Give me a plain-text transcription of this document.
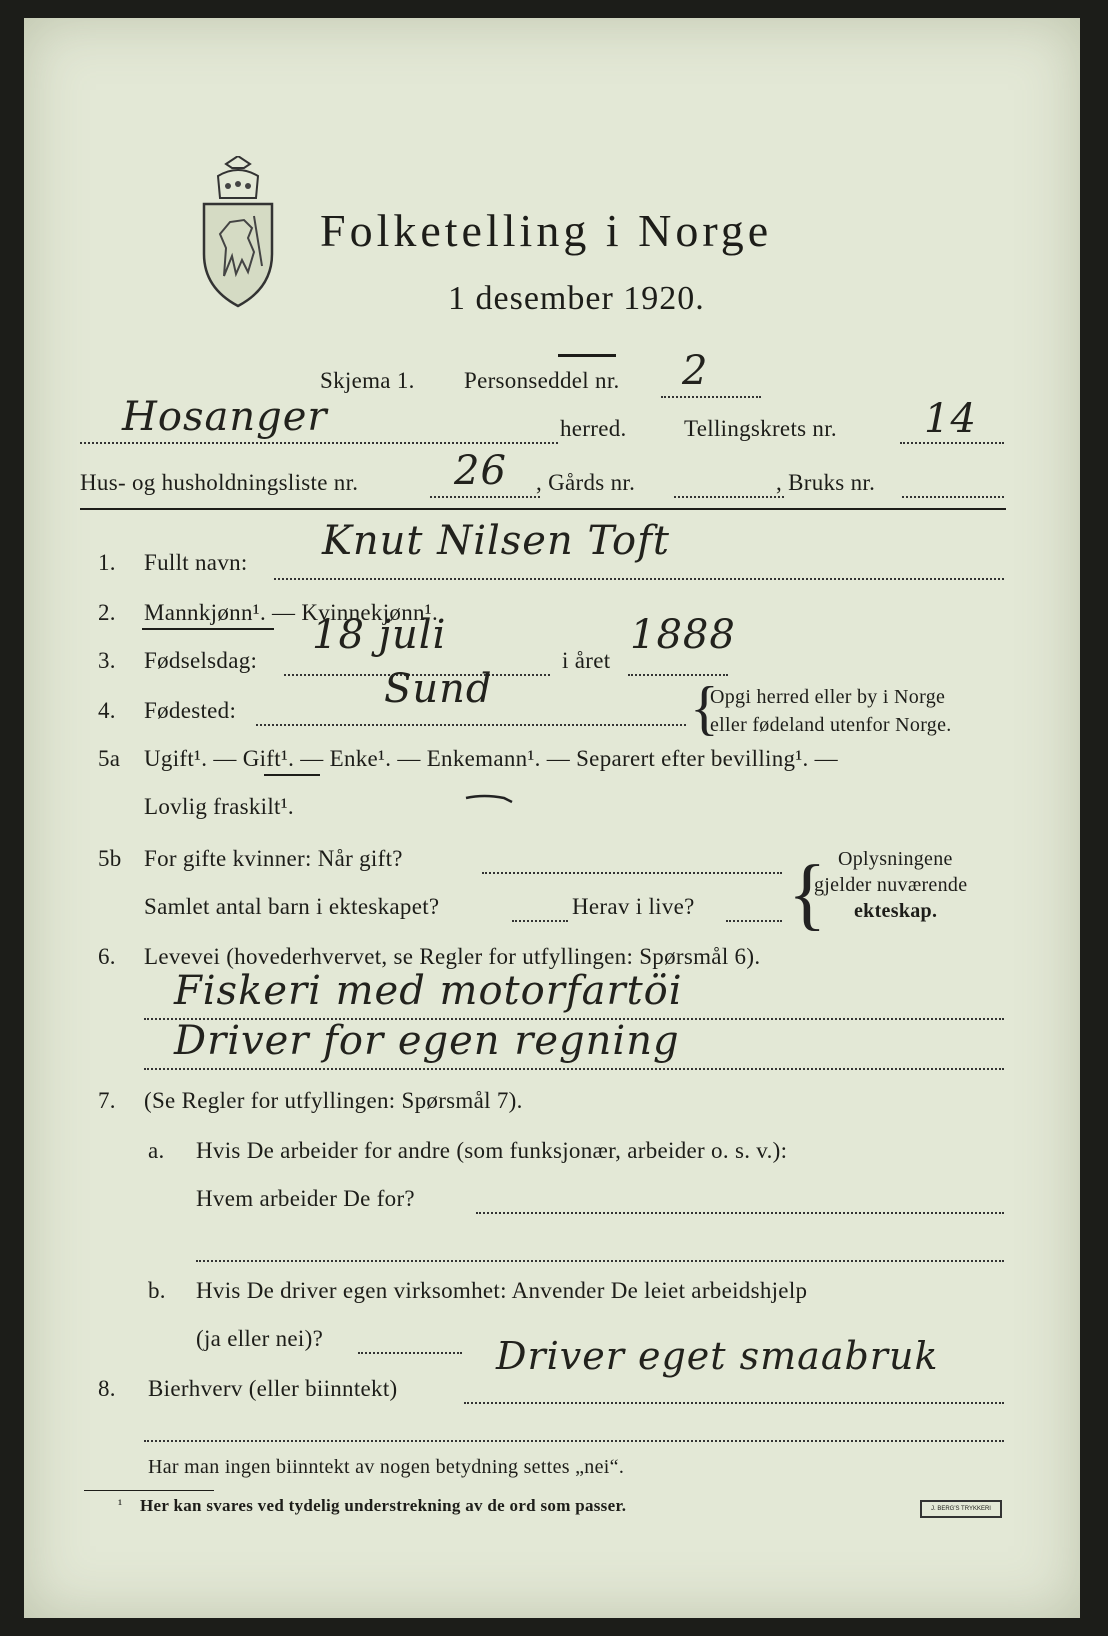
Folketelling i Norge
1 desember 1920.
Skjema 1. Personseddel nr. 2
Hosanger	herred. Tellingskrets nr. 14
Hus- og husholdningsliste nr. 26 , Gårds nr.	, Bruks nr.
1. Fullt navn: Knut Nilsen Toft
2. Mannkjønn¹. — Kvinnekjønn¹.
3. Fødselsdag:
18 juli
i året
1888
4. Fødested:	Sund	{
Opgi herred eller by i Norge
eller fødeland utenfor Norge.
5a Ugift¹. — Gift¹. — Enke¹. — Enkemann¹. — Separert efter bevilling¹. —
Lovlig fraskilt¹.
5b For gifte kvinner: Når gift?
Samlet antal barn i ekteskapet?	Herav i live? { Oplysningene
gjelder nuværende
ekteskap.
6. Levevei (hovederhvervet, se Regler for utfyllingen: Spørsmål 6).
Fiskeri med motorfartöi
Driver for egen regning
7. (Se Regler for utfyllingen: Spørsmål 7).
a. Hvis De arbeider for andre (som funksjonær, arbeider o. s. v.):
Hvem arbeider De for?
b. Hvis De driver egen virksomhet: Anvender De leiet arbeidshjelp
(ja eller nei)?
8. Bierhverv (eller biinntekt)
Driver eget smaabruk
Har man ingen biinntekt av nogen betydning settes „nei“.
¹ Her kan svares ved tydelig understrekning av de ord som passer.	J. BERG'S TRYKKERI
